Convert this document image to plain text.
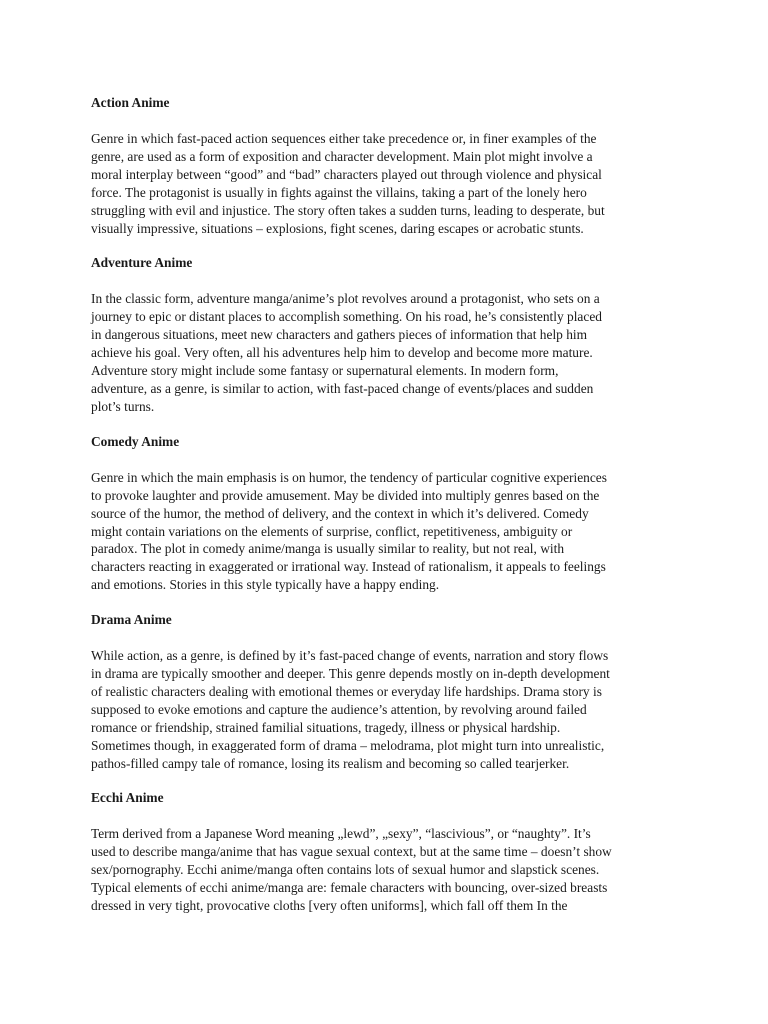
Action Anime
Genre in which fast-paced action sequences either take precedence or, in finer examples of the
genre, are used as a form of exposition and character development. Main plot might involve a
moral interplay between “good” and “bad” characters played out through violence and physical
force. The protagonist is usually in fights against the villains, taking a part of the lonely hero
struggling with evil and injustice. The story often takes a sudden turns, leading to desperate, but
visually impressive, situations – explosions, fight scenes, daring escapes or acrobatic stunts.
Adventure Anime
In the classic form, adventure manga/anime’s plot revolves around a protagonist, who sets on a
journey to epic or distant places to accomplish something. On his road, he’s consistently placed
in dangerous situations, meet new characters and gathers pieces of information that help him
achieve his goal. Very often, all his adventures help him to develop and become more mature.
Adventure story might include some fantasy or supernatural elements. In modern form,
adventure, as a genre, is similar to action, with fast-paced change of events/places and sudden
plot’s turns.
Comedy Anime
Genre in which the main emphasis is on humor, the tendency of particular cognitive experiences
to provoke laughter and provide amusement. May be divided into multiply genres based on the
source of the humor, the method of delivery, and the context in which it’s delivered. Comedy
might contain variations on the elements of surprise, conflict, repetitiveness, ambiguity or
paradox. The plot in comedy anime/manga is usually similar to reality, but not real, with
characters reacting in exaggerated or irrational way. Instead of rationalism, it appeals to feelings
and emotions. Stories in this style typically have a happy ending.
Drama Anime
While action, as a genre, is defined by it’s fast-paced change of events, narration and story flows
in drama are typically smoother and deeper. This genre depends mostly on in-depth development
of realistic characters dealing with emotional themes or everyday life hardships. Drama story is
supposed to evoke emotions and capture the audience’s attention, by revolving around failed
romance or friendship, strained familial situations, tragedy, illness or physical hardship.
Sometimes though, in exaggerated form of drama – melodrama, plot might turn into unrealistic,
pathos-filled campy tale of romance, losing its realism and becoming so called tearjerker.
Ecchi Anime
Term derived from a Japanese Word meaning „lewd”, „sexy”, “lascivious”, or “naughty”. It’s
used to describe manga/anime that has vague sexual context, but at the same time – doesn’t show
sex/pornography. Ecchi anime/manga often contains lots of sexual humor and slapstick scenes.
Typical elements of ecchi anime/manga are: female characters with bouncing, over-sized breasts
dressed in very tight, provocative cloths [very often uniforms], which fall off them In the
